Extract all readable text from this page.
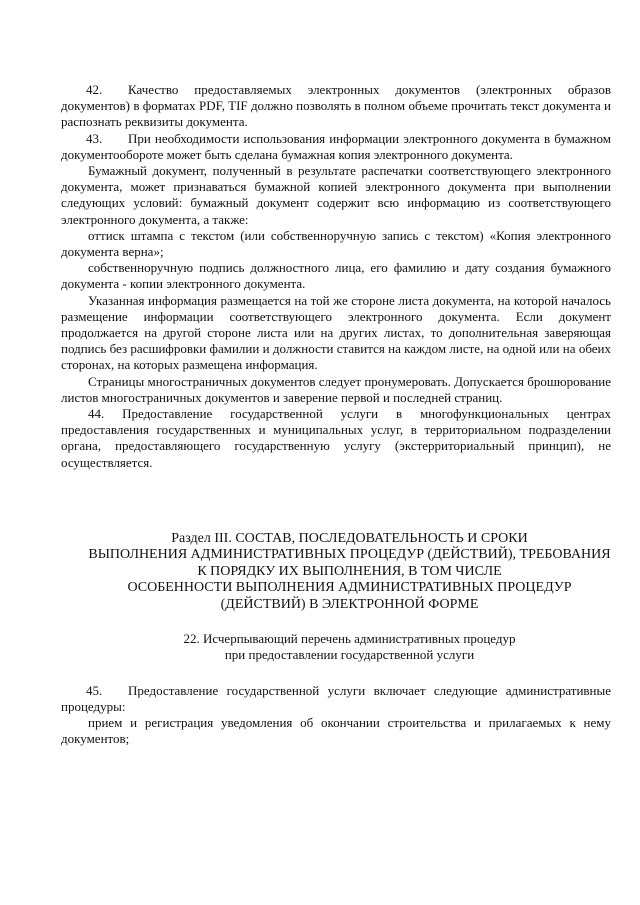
42. Качество предоставляемых электронных документов (электронных образов документов) в форматах PDF, TIF должно позволять в полном объеме прочитать текст документа и распознать реквизиты документа.

43. При необходимости использования информации электронного документа в бумажном документообороте может быть сделана бумажная копия электронного документа.

Бумажный документ, полученный в результате распечатки соответствующего электронного документа, может признаваться бумажной копией электронного документа при выполнении следующих условий: бумажный документ содержит всю информацию из соответствующего электронного документа, а также:

оттиск штампа с текстом (или собственноручную запись с текстом) «Копия электронного документа верна»;

собственноручную подпись должностного лица, его фамилию и дату создания бумажного документа - копии электронного документа.

Указанная информация размещается на той же стороне листа документа, на которой началось размещение информации соответствующего электронного документа. Если документ продолжается на другой стороне листа или на других листах, то дополнительная заверяющая подпись без расшифровки фамилии и должности ставится на каждом листе, на одной или на обеих сторонах, на которых размещена информация.

Страницы многостраничных документов следует пронумеровать. Допускается брошюрование листов многостраничных документов и заверение первой и последней страниц.

44. Предоставление государственной услуги в многофункциональных центрах предоставления государственных и муниципальных услуг, в территориальном подразделении органа, предоставляющего государственную услугу (экстерриториальный принцип), не осуществляется.

Раздел III. СОСТАВ, ПОСЛЕДОВАТЕЛЬНОСТЬ И СРОКИ

ВЫПОЛНЕНИЯ АДМИНИСТРАТИВНЫХ ПРОЦЕДУР (ДЕЙСТВИЙ), ТРЕБОВАНИЯ

К ПОРЯДКУ ИХ ВЫПОЛНЕНИЯ, В ТОМ ЧИСЛЕ

ОСОБЕННОСТИ ВЫПОЛНЕНИЯ АДМИНИСТРАТИВНЫХ ПРОЦЕДУР

(ДЕЙСТВИЙ) В ЭЛЕКТРОННОЙ ФОРМЕ

22. Исчерпывающий перечень административных процедур

при предоставлении государственной услуги

45. Предоставление государственной услуги включает следующие административные процедуры:

прием и регистрация уведомления об окончании строительства и прилагаемых к нему документов;
